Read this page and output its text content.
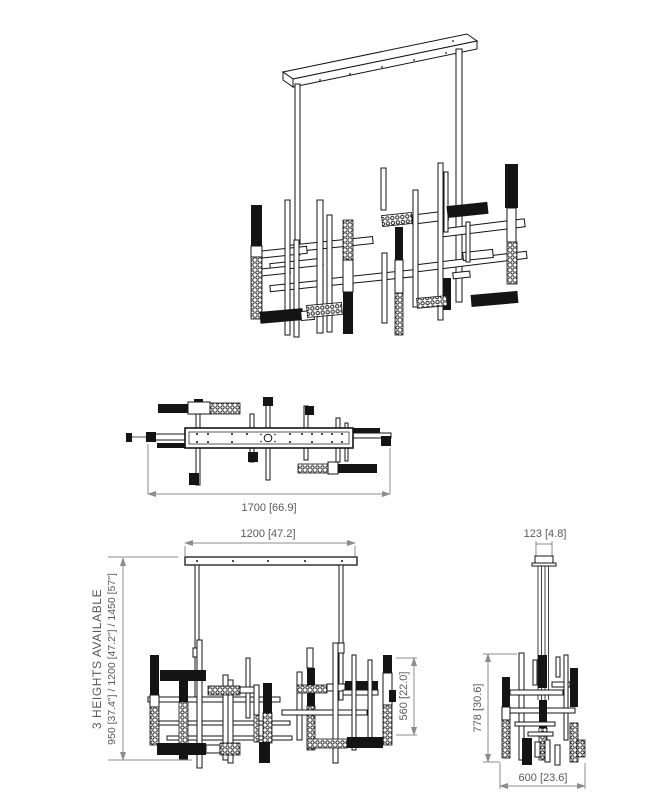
1700 [66.9]
1200 [47.2]
3 HEIGHTS AVAILABLE 950 [37.4"] / 1200 [47.2"] / 1450 [57"]	560 [22.0]
123 [4.8]
778 [30.6]
600 [23.6]
